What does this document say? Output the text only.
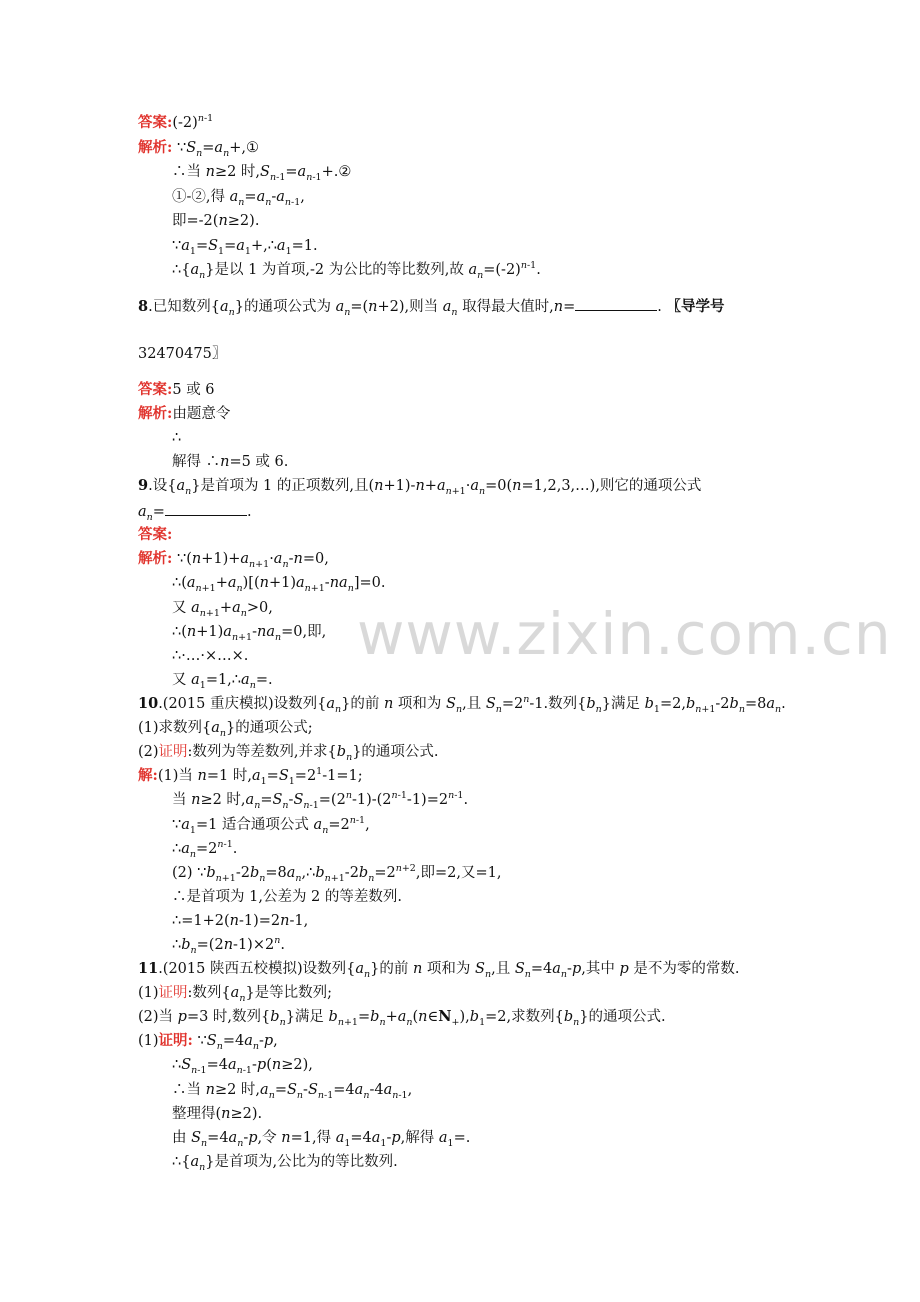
www.zixin.com.cn
答案$:(-2)^{n-1}$
解析: $\because S_n=a_n+,①$
∴当 n≥2 时$,S_{n-1}=a_{n-1}+.②$
①-②,得 $a_n=a_n-a_{n-1}$,
即=-2(n≥2).
$\because a_1=S_1=a_1+,\therefore a_1=1$.
$\therefore\{a_n\}$是以 1 为首项,-2 为公比的等比数列,故 $a_n=(-2)^{n-1}$.
8.已知数列$\{a_n\}$的通项公式为 $a_n=(n+2)$,则当 $a_n$ 取得最大值时,n=	. 〖导学号
32470475〗
答案:5 或 6
解析:由题意令
∴
解得 ∴n=5 或 6.
9.设$\{a_n\}$是首项为 1 的正项数列,且$(n+1)-n+a_{n+1}\cdot a_n=0(n=1,2,3,\dots)$,则它的通项公式
$a_n=$	.
答案:
解析: $\because(n+1)+a_{n+1}\cdot a_n-n=0$,
$\therefore(a_{n+1}+a_n)[(n+1)a_{n+1}-na_n]=0$.
又 $a_{n+1}+a_n>0$,
$\therefore(n+1)a_{n+1}-na_n=0$,即,
∴·…·×…×.
又 $a_1=1,\therefore a_n=$.
10.(2015 重庆模拟)设数列$\{a_n\}$的前 n 项和为 $S_n$,且 $S_n=2^n-1$.数列$\{b_n\}$满足 $b_1=2,b_{n+1}-2b_n=8a_n$.
(1)求数列$\{a_n\}$的通项公式;
(2)证明:数列为等差数列,并求$\{b_n\}$的通项公式.
解:(1)当 n=1 时$,a_1=S_1=2^1-1=1$;
当 n≥2 时$,a_n=S_n-S_{n-1}=(2^n-1)-(2^{n-1}-1)=2^{n-1}$.
$\because a_1=1$ 适合通项公式 $a_n=2^{n-1}$,
$\therefore a_n=2^{n-1}$.
(2) $\because b_{n+1}-2b_n=8a_n,\therefore b_{n+1}-2b_n=2^{n+2}$,即=2,又=1,
∴是首项为 1,公差为 2 的等差数列.
∴=1+2(n-1)=2n-1,
$\therefore b_n=(2n-1)\times 2^n$.
11.(2015 陕西五校模拟)设数列$\{a_n\}$的前 n 项和为 $S_n$,且 $S_n=4a_n-p$,其中 p 是不为零的常数.
(1)证明:数列$\{a_n\}$是等比数列;
(2)当 p=3 时,数列$\{b_n\}$满足 $b_{n+1}=b_n+a_n(n\in N_+),b_1=2$,求数列$\{b_n\}$的通项公式.
(1)证明: $\because S_n=4a_n-p$,
$\therefore S_{n-1}=4a_{n-1}-p(n\ge 2)$,
∴当 n≥2 时$,a_n=S_n-S_{n-1}=4a_n-4a_{n-1}$,
整理得(n≥2).
由 $S_n=4a_n-p$,令 n=1,得 $a_1=4a_1-p$,解得 $a_1=$.
$\therefore\{a_n\}$是首项为,公比为的等比数列.
